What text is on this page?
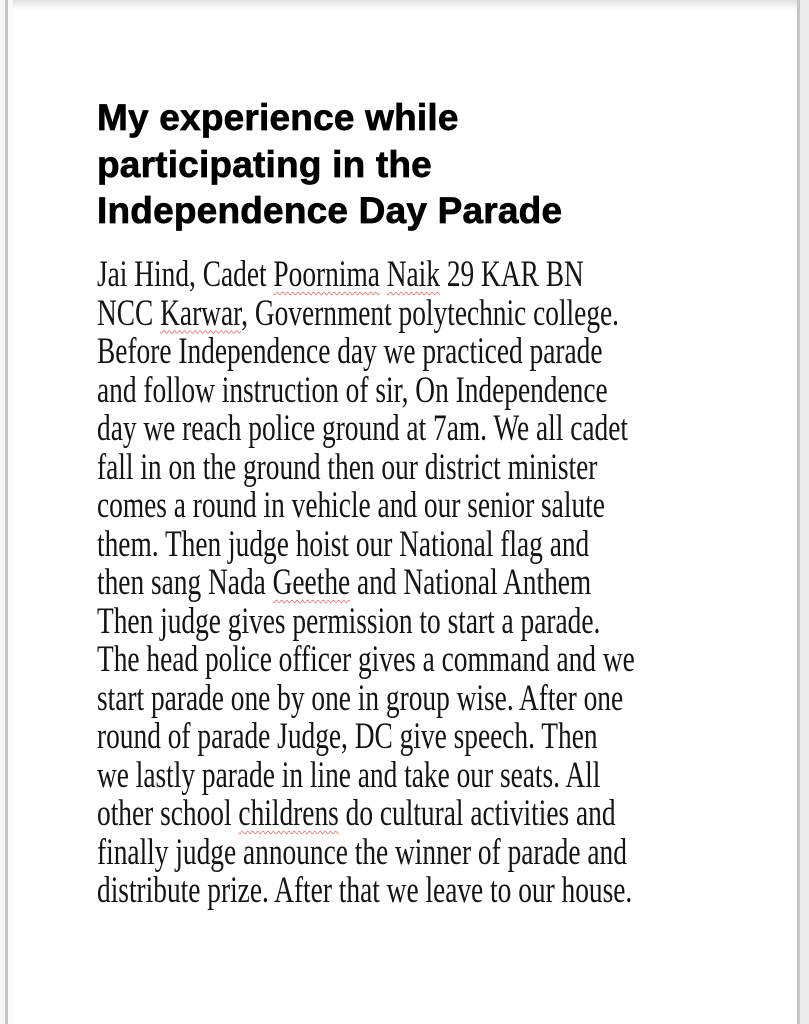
My experience while
participating in the
Independence Day Parade
Jai Hind, Cadet Poornima Naik 29 KAR BN
NCC Karwar, Government polytechnic college.
Before Independence day we practiced parade
and follow instruction of sir, On Independence
day we reach police ground at 7am. We all cadet
fall in on the ground then our district minister
comes a round in vehicle and our senior salute
them. Then judge hoist our National flag and
then sang Nada Geethe and National Anthem
Then judge gives permission to start a parade.
The head police officer gives a command and we
start parade one by one in group wise. After one
round of parade Judge, DC give speech. Then
we lastly parade in line and take our seats. All
other school childrens do cultural activities and
finally judge announce the winner of parade and
distribute prize. After that we leave to our house.
